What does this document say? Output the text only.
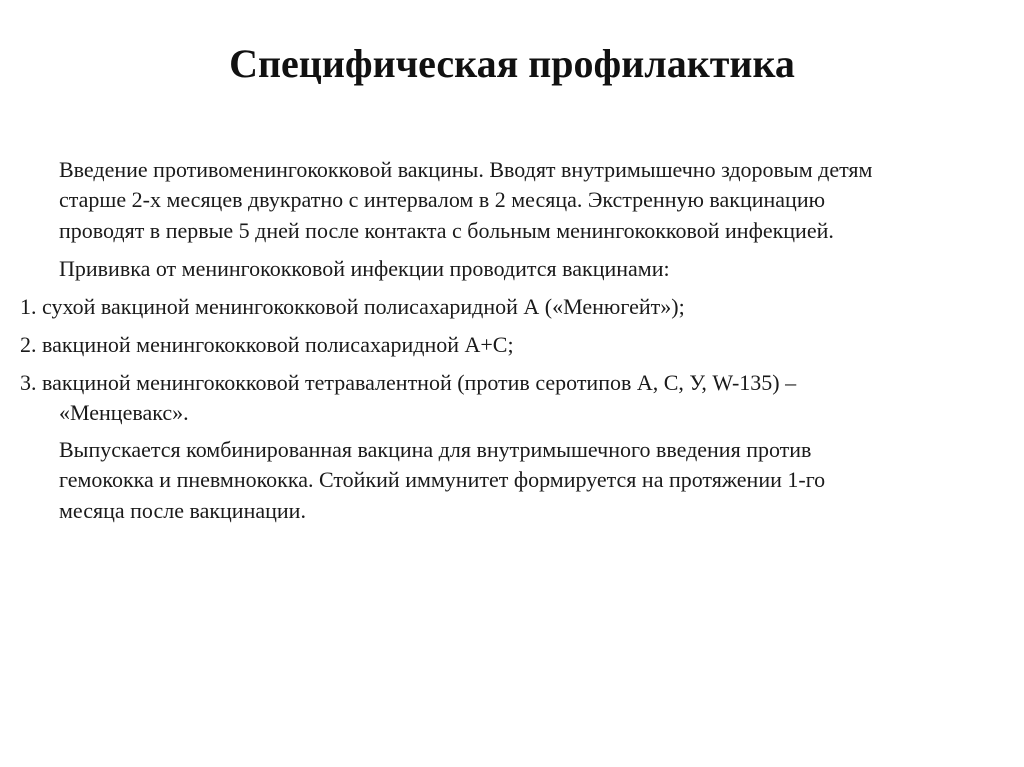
Специфическая профилактика

Введение противоменингококковой вакцины. Вводят внутримышечно здоровым детям

старше 2-х месяцев двукратно с интервалом в 2 месяца. Экстренную вакцинацию

проводят в первые 5 дней после контакта с больным менингококковой инфекцией.

Прививка от менингококковой инфекции проводится вакцинами:

1. сухой вакциной менингококковой полисахаридной А («Менюгейт»);

2. вакциной менингококковой полисахаридной А+С;

3. вакциной менингококковой тетравалентной (против серотипов А, С, У, W-135) –

«Менцевакс».

Выпускается комбинированная вакцина для внутримышечного введения против

гемококка и пневмнококка. Стойкий иммунитет формируется на протяжении 1-го

месяца после вакцинации.
